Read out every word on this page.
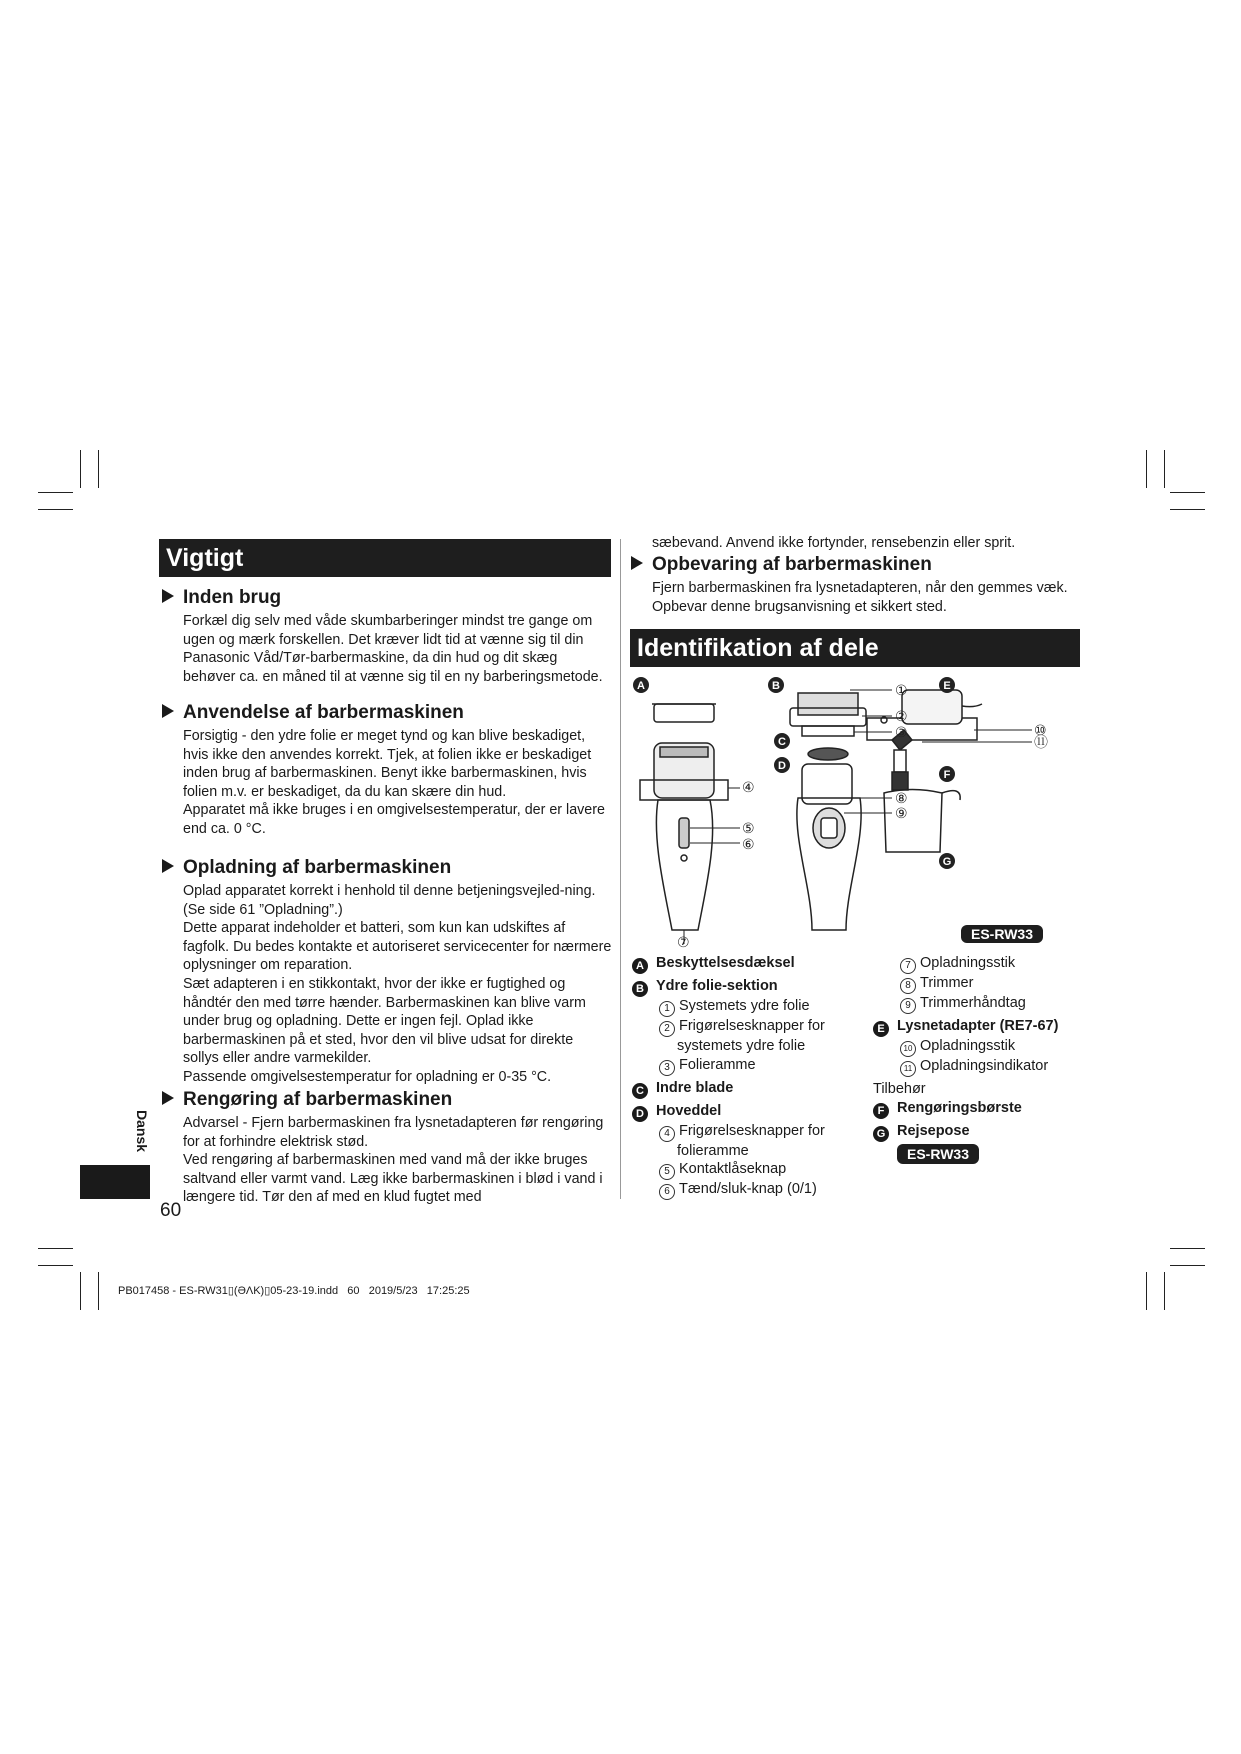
Vigtigt
Inden brug

Forkæl dig selv med våde skumbarberinger mindst tre gange om ugen og mærk forskellen. Det kræver lidt tid at vænne sig til din Panasonic Våd/Tør-barbermaskine, da din hud og dit skæg behøver ca. en måned til at vænne sig til en ny barberingsmetode.

Anvendelse af barbermaskinen

Forsigtig - den ydre folie er meget tynd og kan blive beskadiget, hvis ikke den anvendes korrekt. Tjek, at folien ikke er beskadiget inden brug af barbermaskinen. Benyt ikke barbermaskinen, hvis folien m.v. er beskadiget, da du kan skære din hud.

Apparatet må ikke bruges i en omgivelsestemperatur, der er lavere end ca. 0 °C.

Opladning af barbermaskinen

Oplad apparatet korrekt i henhold til denne betjeningsvejled-ning. (Se side 61 ”Opladning”.)

Dette apparat indeholder et batteri, som kun kan udskiftes af fagfolk. Du bedes kontakte et autoriseret servicecenter for nærmere oplysninger om reparation.

Sæt adapteren i en stikkontakt, hvor der ikke er fugtighed og håndtér den med tørre hænder. Barbermaskinen kan blive varm under brug og opladning. Dette er ingen fejl. Oplad ikke barbermaskinen på et sted, hvor den vil blive udsat for direkte sollys eller andre varmekilder.

Passende omgivelsestemperatur for opladning er 0-35 °C.

Rengøring af barbermaskinen

Advarsel - Fjern barbermaskinen fra lysnetadapteren før rengøring for at forhindre elektrisk stød.

Ved rengøring af barbermaskinen med vand må der ikke bruges saltvand eller varmt vand. Læg ikke barbermaskinen i blød i vand i længere tid. Tør den af med en klud fugtet med

Dansk
60
sæbevand. Anvend ikke fortynder, rensebenzin eller sprit.
Opbevaring af barbermaskinen
Fjern barbermaskinen fra lysnetadapteren, når den gemmes væk. Opbevar denne brugsanvisning et sikkert sted.
Identifikation af dele
A	B
C
D
E
F
G
①
②
③
④
⑤
⑥
⑦
⑧
⑨
⑩
⑪
ES-RW33
A Beskyttelsesdæksel
B Ydre folie-sektion
1 Systemets ydre folie
2 Frigørelsesknapper for
systemets ydre folie
3 Folieramme
C Indre blade
D Hoveddel
4 Frigørelsesknapper for
folieramme
5 Kontaktlåseknap
6 Tænd/sluk-knap (0/1)
7 Opladningsstik
8 Trimmer
9 Trimmerhåndtag
E Lysnetadapter (RE7-67)
10 Opladningsstik
11 Opladningsindikator
Tilbehør
F Rengøringsbørste
G Rejsepose
ES-RW33
PB017458 - ES-RW31▯(ƏɅK)▯05-23-19.indd   60   2019/5/23   17:25:25
